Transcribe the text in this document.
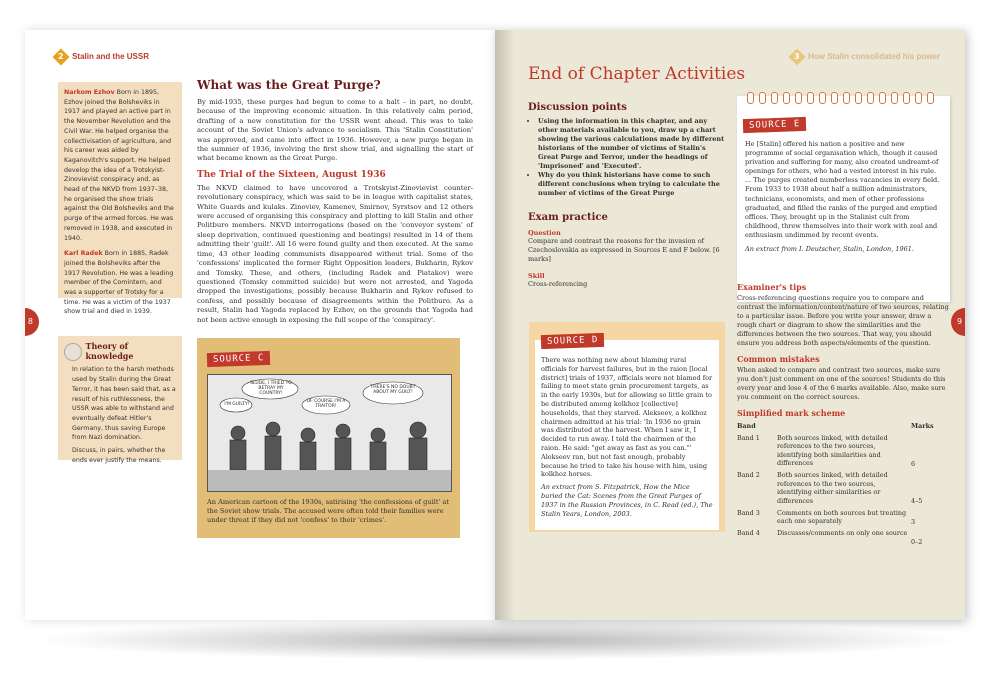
2 Stalin and the USSR
Narkom Ezhov Born in 1895, Ezhov joined the Bolsheviks in 1917 and played an active part in the November Revolution and the Civil War. He helped organise the collectivisation of agriculture, and his career was aided by Kaganovitch's support. He helped develop the idea of a Trotskyist-Zinovievist conspiracy and, as head of the NKVD from 1937–38, he organised the show trials against the Old Bolsheviks and the purge of the armed forces. He was removed in 1938, and executed in 1940.
Karl Radek Born in 1885, Radek joined the Bolsheviks after the 1917 Revolution. He was a leading member of the Comintern, and was a supporter of Trotsky for a time. He was a victim of the 1937 show trial and died in 1939.
8
Theory of knowledge
In relation to the harsh methods used by Stalin during the Great Terror, it has been said that, as a result of his ruthlessness, the USSR was able to withstand and eventually defeat Hitler's Germany, thus saving Europe from Nazi domination.
Discuss, in pairs, whether the ends ever justify the means.
What was the Great Purge?
By mid-1935, these purges had begun to come to a halt – in part, no doubt, because of the improving economic situation. In this relatively calm period, drafting of a new constitution for the USSR went ahead. This was to take account of the Soviet Union's advance to socialism. This 'Stalin Constitution' was approved, and came into effect in 1936. However, a new purge began in the summer of 1936, involving the first show trial, and signalling the start of what became known as the Great Purge.
The Trial of the Sixteen, August 1936
The NKVD claimed to have uncovered a Trotskyist-Zinovievist counter-revolutionary conspiracy, which was said to be in league with capitalist states, White Guards and kulaks. Zinoviev, Kamenev, Smirnov, Syrstsov and 12 others were accused of organising this conspiracy and plotting to kill Stalin and other Politburo members. NKVD interrogations (based on the 'conveyor system' of sleep deprivation, continued questioning and beatings) resulted in 14 of them admitting their 'guilt'. All 16 were found guilty and then executed. At the same time, 43 other leading communists disappeared without trial. Some of the 'confessions' implicated the former Right Opposition leaders, Bukharin, Rykov and Tomsky. These, and others, (including Radek and Piatakov) were questioned (Tomsky committed suicide) but were not arrested, and Yagoda dropped the investigations, possibly because Bukharin and Rykov refused to confess, and possibly because of disagreements within the Politburo. As a result, Stalin had Yagoda replaced by Ezhov, on the grounds that Yagoda had not been active enough in exposing the full scope of the 'conspiracy'.
SOURCE C
SLUDE, I TRIED TO BETRAY MY COUNTRY!
I'M GUILTY!
OF COURSE I'M A TRAITOR!
THERE'S NO DOUBT ABOUT MY GUILT!
An American cartoon of the 1930s, satirising 'the confessions of guilt' at the Soviet show trials. The accused were often told their families were under threat if they did not 'confess' to their 'crimes'.
3 How Stalin consolidated his power
End of Chapter Activities
Discussion points
• Using the information in this chapter, and any other materials available to you, draw up a chart showing the various calculations made by different historians of the number of victims of Stalin's Great Purge and Terror, under the headings of 'Imprisoned' and 'Executed'.
• Why do you think historians have come to such different conclusions when trying to calculate the number of victims of the Great Purge
Exam practice
Question
Compare and contrast the reasons for the invasion of Czechoslovakia as expressed in Sources E and F below. [6 marks]
Skill
Cross-referencing
SOURCE D
There was nothing new about blaming rural officials for harvest failures, but in the raion [local district] trials of 1937, officials were not blamed for failing to meet state grain procurement targets, as in the early 1930s, but for allowing so little grain to be distributed among kolkhoz [collective] households, that they starved. Alekseev, a kolkhoz chairmen admitted at his trial: 'In 1936 no grain was distributed at the harvest. When I saw it, I decided to run away. I told the chairmen of the raion. He said: "get away as fast as you can."'
Alekseev ran, but not fast enough, probably because he tried to take his house with him, using kolkhoz horses.
An extract from S. Fitzpatrick, How the Mice buried the Cat: Scenes from the Great Purges of 1937 in the Russian Provinces, in C. Read (ed.), The Stalin Years, London, 2003.
SOURCE E
He [Stalin] offered his nation a positive and new programme of social organisation which, though it caused privation and suffering for many, also created undreamt-of openings for others, who had a vested interest in his rule. ... The purges created numberless vacancies in every field. From 1933 to 1938 about half a million administrators, technicians, economists, and men of other professions graduated, and filled the ranks of the purged and emptied offices. They, brought up in the Stalinist cult from childhood, threw themselves into their work with zeal and enthusiasm undimmed by recent events.
An extract from I. Deutscher, Stalin, London, 1961.
Examiner's tips
Cross-referencing questions require you to compare and contrast the information/content/nature of two sources, relating to a particular issue. Before you write your answer, draw a rough chart or diagram to show the similarities and the differences between the two sources. That way, you should ensure you address both aspects/elements of the question.
Common mistakes
When asked to compare and contrast two sources, make sure you don't just comment on one of the sources! Students do this every year and lose 4 of the 6 marks available. Also, make sure you comment on the correct sources.
Simplified mark scheme
Band		Marks
Band 1	Both sources linked, with detailed references to the two sources, identifying both similarities and differences	6
Band 2	Both sources linked, with detailed references to the two sources, identifying either similarities or differences	4–5
Band 3	Comments on both sources but treating each one separately	3
Band 4	Discusses/comments on only one source	0–2
9
